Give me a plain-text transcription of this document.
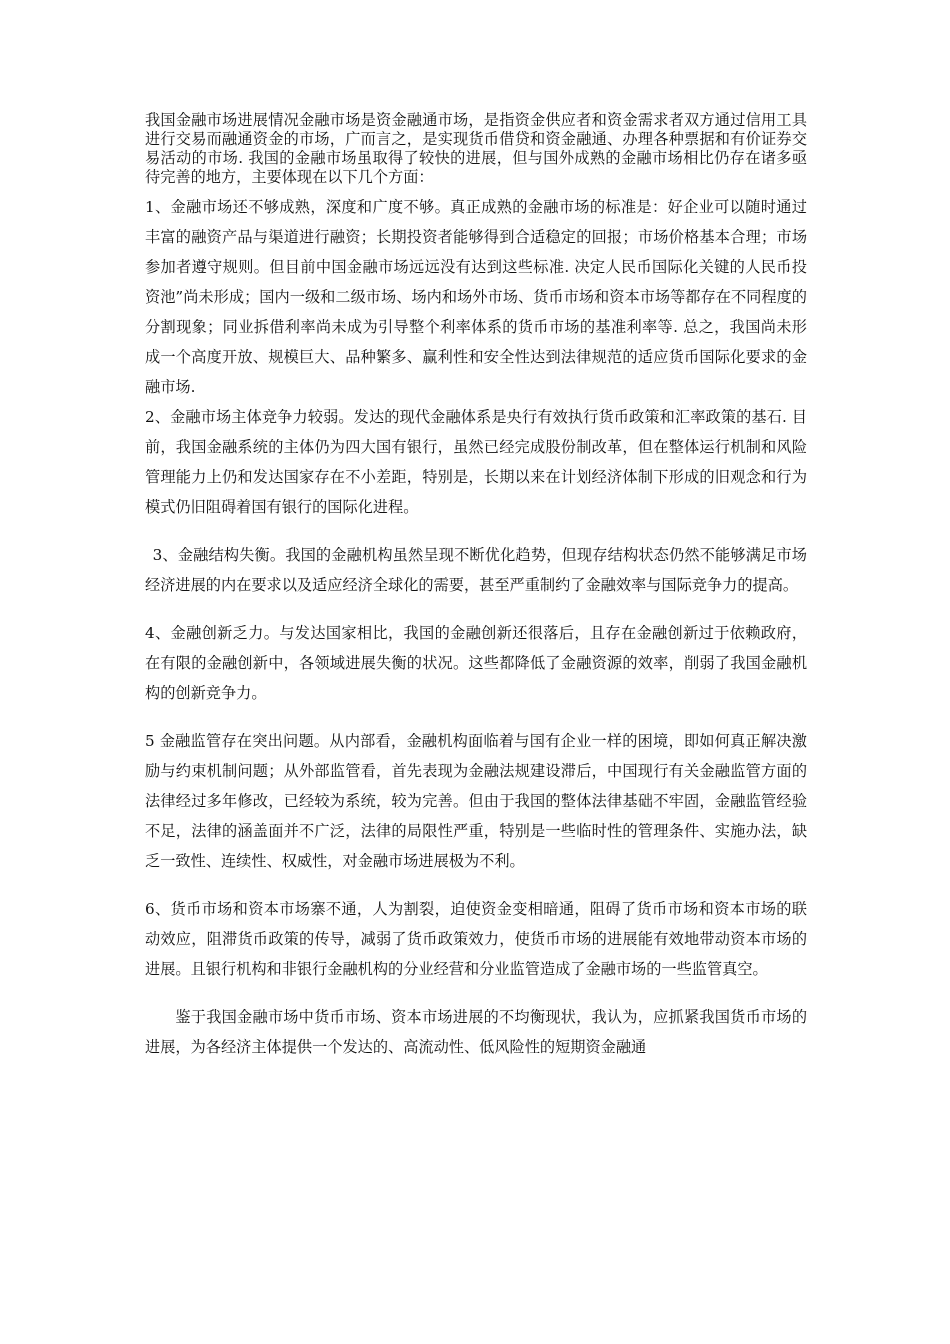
我国金融市场进展情况金融市场是资金融通市场，是指资金供应者和资金需求者双方通过信用工具进行交易而融通资金的市场，广而言之，是实现货币借贷和资金融通、办理各种票据和有价证券交易活动的市场. 我国的金融市场虽取得了较快的进展，但与国外成熟的金融市场相比仍存在诸多亟待完善的地方，主要体现在以下几个方面：

1、金融市场还不够成熟，深度和广度不够。真正成熟的金融市场的标准是：好企业可以随时通过丰富的融资产品与渠道进行融资；长期投资者能够得到合适稳定的回报；市场价格基本合理；市场参加者遵守规则。但目前中国金融市场远远没有达到这些标准. 决定人民币国际化关键的人民币投资池”尚未形成；国内一级和二级市场、场内和场外市场、货币市场和资本市场等都存在不同程度的分割现象；同业拆借利率尚未成为引导整个利率体系的货币市场的基准利率等. 总之，我国尚未形成一个高度开放、规模巨大、品种繁多、赢利性和安全性达到法律规范的适应货币国际化要求的金融市场.

2、金融市场主体竞争力较弱。发达的现代金融体系是央行有效执行货币政策和汇率政策的基石. 目前，我国金融系统的主体仍为四大国有银行，虽然已经完成股份制改革，但在整体运行机制和风险管理能力上仍和发达国家存在不小差距，特别是，长期以来在计划经济体制下形成的旧观念和行为模式仍旧阻碍着国有银行的国际化进程。

3、金融结构失衡。我国的金融机构虽然呈现不断优化趋势，但现存结构状态仍然不能够满足市场经济进展的内在要求以及适应经济全球化的需要，甚至严重制约了金融效率与国际竞争力的提高。

4、金融创新乏力。与发达国家相比，我国的金融创新还很落后，且存在金融创新过于依赖政府，在有限的金融创新中，各领域进展失衡的状况。这些都降低了金融资源的效率，削弱了我国金融机构的创新竞争力。

5 金融监管存在突出问题。从内部看，金融机构面临着与国有企业一样的困境，即如何真正解决激励与约束机制问题；从外部监管看，首先表现为金融法规建设滞后，中国现行有关金融监管方面的法律经过多年修改，已经较为系统，较为完善。但由于我国的整体法律基础不牢固，金融监管经验不足，法律的涵盖面并不广泛，法律的局限性严重，特别是一些临时性的管理条件、实施办法，缺乏一致性、连续性、权威性，对金融市场进展极为不利。

6、货币市场和资本市场寨不通，人为割裂，迫使资金变相暗通，阻碍了货币市场和资本市场的联动效应，阻滞货币政策的传导，减弱了货币政策效力，使货币市场的进展能有效地带动资本市场的进展。且银行机构和非银行金融机构的分业经营和分业监管造成了金融市场的一些监管真空。

鉴于我国金融市场中货币市场、资本市场进展的不均衡现状，我认为，应抓紧我国货币市场的进展，为各经济主体提供一个发达的、高流动性、低风险性的短期资金融通
